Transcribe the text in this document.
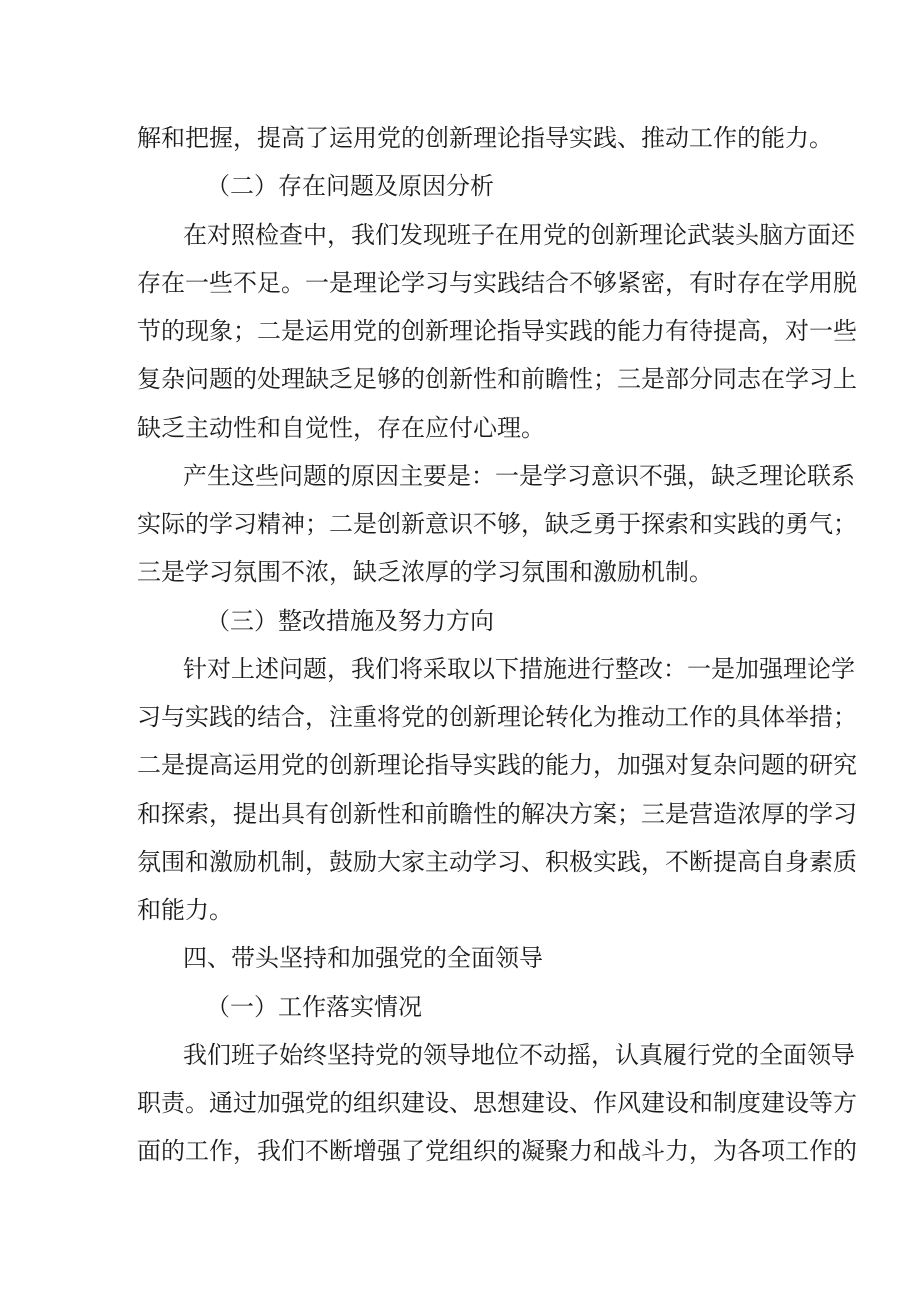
解和把握，提高了运用党的创新理论指导实践、推动工作的能力。
（二）存在问题及原因分析
在对照检查中，我们发现班子在用党的创新理论武装头脑方面还
存在一些不足。一是理论学习与实践结合不够紧密，有时存在学用脱
节的现象；二是运用党的创新理论指导实践的能力有待提高，对一些
复杂问题的处理缺乏足够的创新性和前瞻性；三是部分同志在学习上
缺乏主动性和自觉性，存在应付心理。
产生这些问题的原因主要是：一是学习意识不强，缺乏理论联系
实际的学习精神；二是创新意识不够，缺乏勇于探索和实践的勇气；
三是学习氛围不浓，缺乏浓厚的学习氛围和激励机制。
（三）整改措施及努力方向
针对上述问题，我们将采取以下措施进行整改：一是加强理论学
习与实践的结合，注重将党的创新理论转化为推动工作的具体举措；
二是提高运用党的创新理论指导实践的能力，加强对复杂问题的研究
和探索，提出具有创新性和前瞻性的解决方案；三是营造浓厚的学习
氛围和激励机制，鼓励大家主动学习、积极实践，不断提高自身素质
和能力。
四、带头坚持和加强党的全面领导
（一）工作落实情况
我们班子始终坚持党的领导地位不动摇，认真履行党的全面领导
职责。通过加强党的组织建设、思想建设、作风建设和制度建设等方
面的工作，我们不断增强了党组织的凝聚力和战斗力，为各项工作的
